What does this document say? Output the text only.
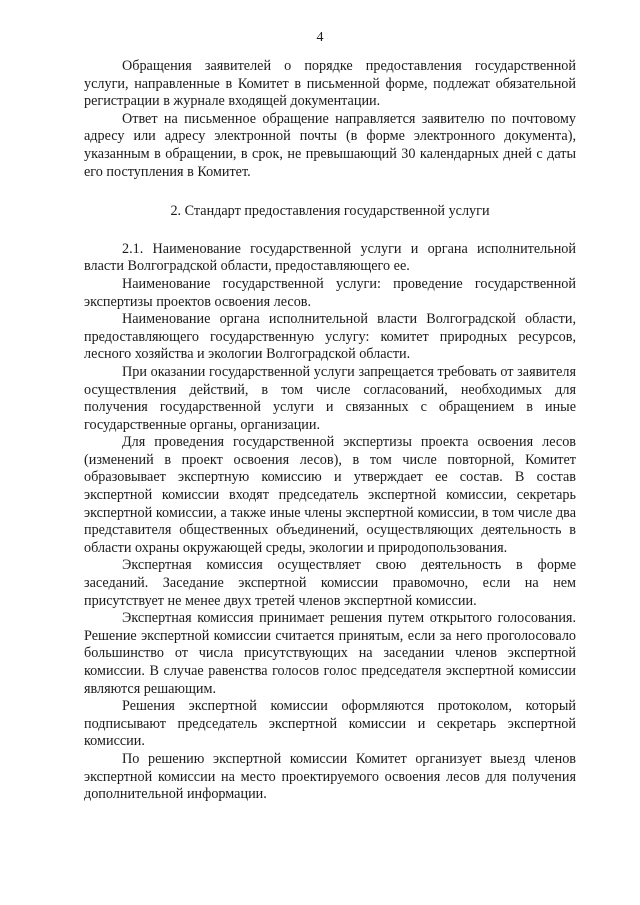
4

Обращения заявителей о порядке предоставления государственной услуги, направленные в Комитет в письменной форме, подлежат обязательной регистрации в журнале входящей документации.

Ответ на письменное обращение направляется заявителю по почтовому адресу или адресу электронной почты (в форме электронного документа), указанным в обращении, в срок, не превышающий 30 календарных дней с даты его поступления в Комитет.

2. Стандарт предоставления государственной услуги

2.1. Наименование государственной услуги и органа исполнительной власти Волгоградской области, предоставляющего ее.

Наименование государственной услуги: проведение государственной экспертизы проектов освоения лесов.

Наименование органа исполнительной власти Волгоградской области, предоставляющего государственную услугу: комитет природных ресурсов, лесного хозяйства и экологии Волгоградской области.

При оказании государственной услуги запрещается требовать от заявителя осуществления действий, в том числе согласований, необходимых для получения государственной услуги и связанных с обращением в иные государственные органы, организации.

Для проведения государственной экспертизы проекта освоения лесов (изменений в проект освоения лесов), в том числе повторной, Комитет образовывает экспертную комиссию и утверждает ее состав. В состав экспертной комиссии входят председатель экспертной комиссии, секретарь экспертной комиссии, а также иные члены экспертной комиссии, в том числе два представителя общественных объединений, осуществляющих деятельность в области охраны окружающей среды, экологии и природопользования.

Экспертная комиссия осуществляет свою деятельность в форме заседаний. Заседание экспертной комиссии правомочно, если на нем присутствует не менее двух третей членов экспертной комиссии.

Экспертная комиссия принимает решения путем открытого голосования. Решение экспертной комиссии считается принятым, если за него проголосовало большинство от числа присутствующих на заседании членов экспертной комиссии. В случае равенства голосов голос председателя экспертной комиссии являются решающим.

Решения экспертной комиссии оформляются протоколом, который подписывают председатель экспертной комиссии и секретарь экспертной комиссии.

По решению экспертной комиссии Комитет организует выезд членов экспертной комиссии на место проектируемого освоения лесов для получения дополнительной информации.
